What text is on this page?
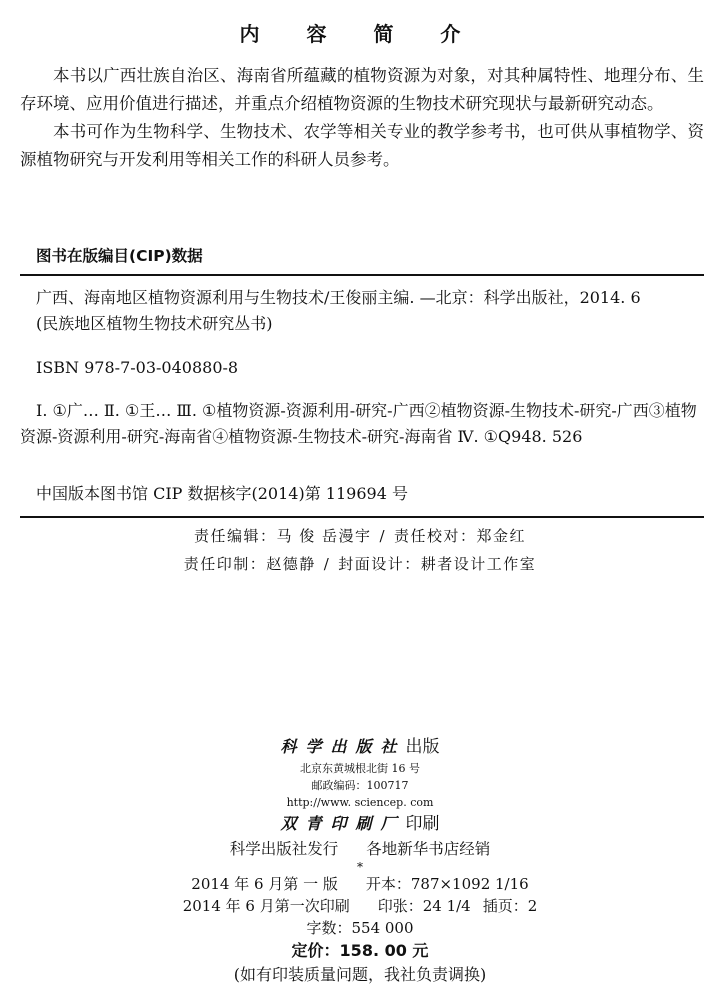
内 容 简 介

本书以广西壮族自治区、海南省所蕴藏的植物资源为对象，对其种属特性、地理分布、生存环境、应用价值进行描述，并重点介绍植物资源的生物技术研究现状与最新研究动态。

本书可作为生物科学、生物技术、农学等相关专业的教学参考书，也可供从事植物学、资源植物研究与开发利用等相关工作的科研人员参考。

图书在版编目(CIP)数据

广西、海南地区植物资源利用与生物技术/王俊丽主编. —北京：科学出版社，2014. 6

(民族地区植物生物技术研究丛书)

ISBN 978-7-03-040880-8

Ⅰ. ①广… Ⅱ. ①王… Ⅲ. ①植物资源-资源利用-研究-广西②植物资源-生物技术-研究-广西③植物资源-资源利用-研究-海南省④植物资源-生物技术-研究-海南省 Ⅳ. ①Q948. 526

中国版本图书馆 CIP 数据核字(2014)第 119694 号

责任编辑：马 俊 岳漫宇 / 责任校对：郑金红
责任印制：赵德静 / 封面设计：耕者设计工作室
科学出版社出版
北京东黄城根北街 16 号
邮政编码：100717
http://www. sciencep. com
双青印刷厂印刷
科学出版社发行 各地新华书店经销
*
2014 年 6 月第 一 版 开本：787×1092 1/16
2014 年 6 月第一次印刷 印张：24 1/4 插页：2
字数：554 000
定价：158. 00 元
(如有印装质量问题，我社负责调换)
